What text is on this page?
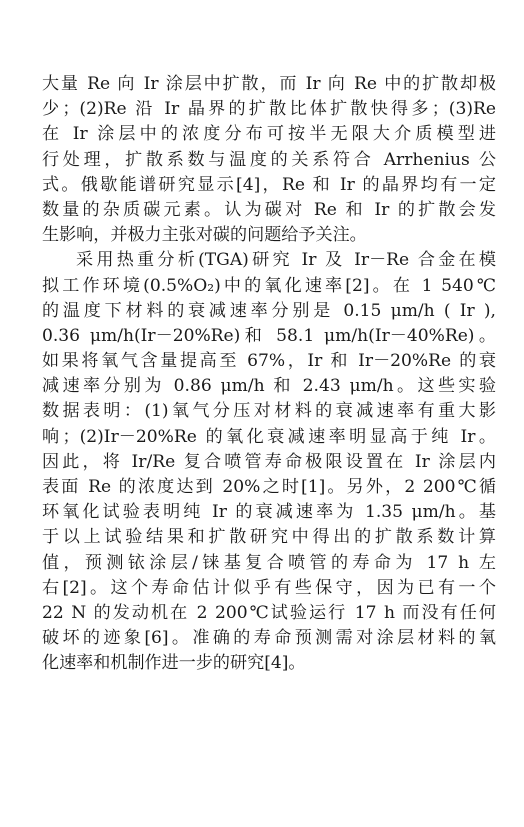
大量 Re 向 Ir 涂层中扩散，而 Ir 向 Re 中的扩散却极
少；(2)Re 沿 Ir 晶界的扩散比体扩散快得多；(3)Re
在 Ir 涂层中的浓度分布可按半无限大介质模型进
行处理，扩散系数与温度的关系符合 Arrhenius 公
式。俄歇能谱研究显示[4]，Re 和 Ir 的晶界均有一定
数量的杂质碳元素。认为碳对 Re 和 Ir 的扩散会发
生影响，并极力主张对碳的问题给予关注。
采用热重分析(TGA)研究 Ir 及 Ir－Re 合金在模
拟工作环境(0.5%O₂)中的氧化速率[2]。在 1 540℃
的温度下材料的衰减速率分别是 0.15 μm/h ( Ir ),
0.36 μm/h(Ir－20%Re)和 58.1 μm/h(Ir－40%Re)。
如果将氧气含量提高至 67%，Ir 和 Ir－20%Re 的衰
减速率分别为 0.86 μm/h 和 2.43 μm/h。这些实验
数据表明：(1)氧气分压对材料的衰减速率有重大影
响；(2)Ir－20%Re 的氧化衰减速率明显高于纯 Ir。
因此，将 Ir/Re 复合喷管寿命极限设置在 Ir 涂层内
表面 Re 的浓度达到 20%之时[1]。另外，2 200℃循
环氧化试验表明纯 Ir 的衰减速率为 1.35 μm/h。基
于以上试验结果和扩散研究中得出的扩散系数计算
值，预测铱涂层/铼基复合喷管的寿命为 17 h 左
右[2]。这个寿命估计似乎有些保守，因为已有一个
22 N 的发动机在 2 200℃试验运行 17 h 而没有任何
破坏的迹象[6]。准确的寿命预测需对涂层材料的氧
化速率和机制作进一步的研究[4]。
